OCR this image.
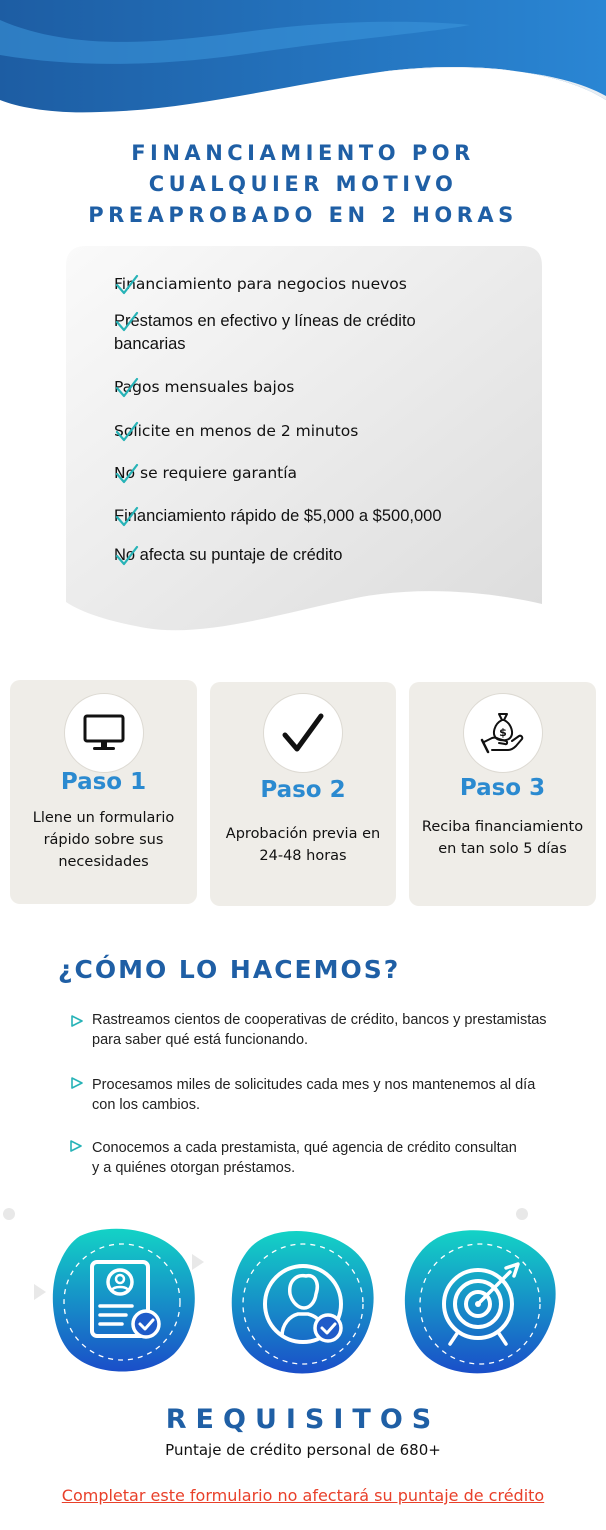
FINANCIAMIENTO POR
CUALQUIER MOTIVO
PREAPROBADO EN 2 HORAS
Financiamiento para negocios nuevos
Préstamos en efectivo y líneas de crédito bancarias
Pagos mensuales bajos
Solicite en menos de 2 minutos
No se requiere garantía
Financiamiento rápido de $5,000 a $500,000
No afecta su puntaje de crédito
Paso 1
Llene un formulario rápido sobre sus necesidades
Paso 2
Aprobación previa en 24-48 horas
$
Paso 3
Reciba financiamiento en tan solo 5 días
¿CÓMO LO HACEMOS?
Rastreamos cientos de cooperativas de crédito, bancos y prestamistas para saber qué está funcionando.
Procesamos miles de solicitudes cada mes y nos mantenemos al día con los cambios.
Conocemos a cada prestamista, qué agencia de crédito consultan y a quiénes otorgan préstamos.
REQUISITOS
Puntaje de crédito personal de 680+
Completar este formulario no afectará su puntaje de crédito
